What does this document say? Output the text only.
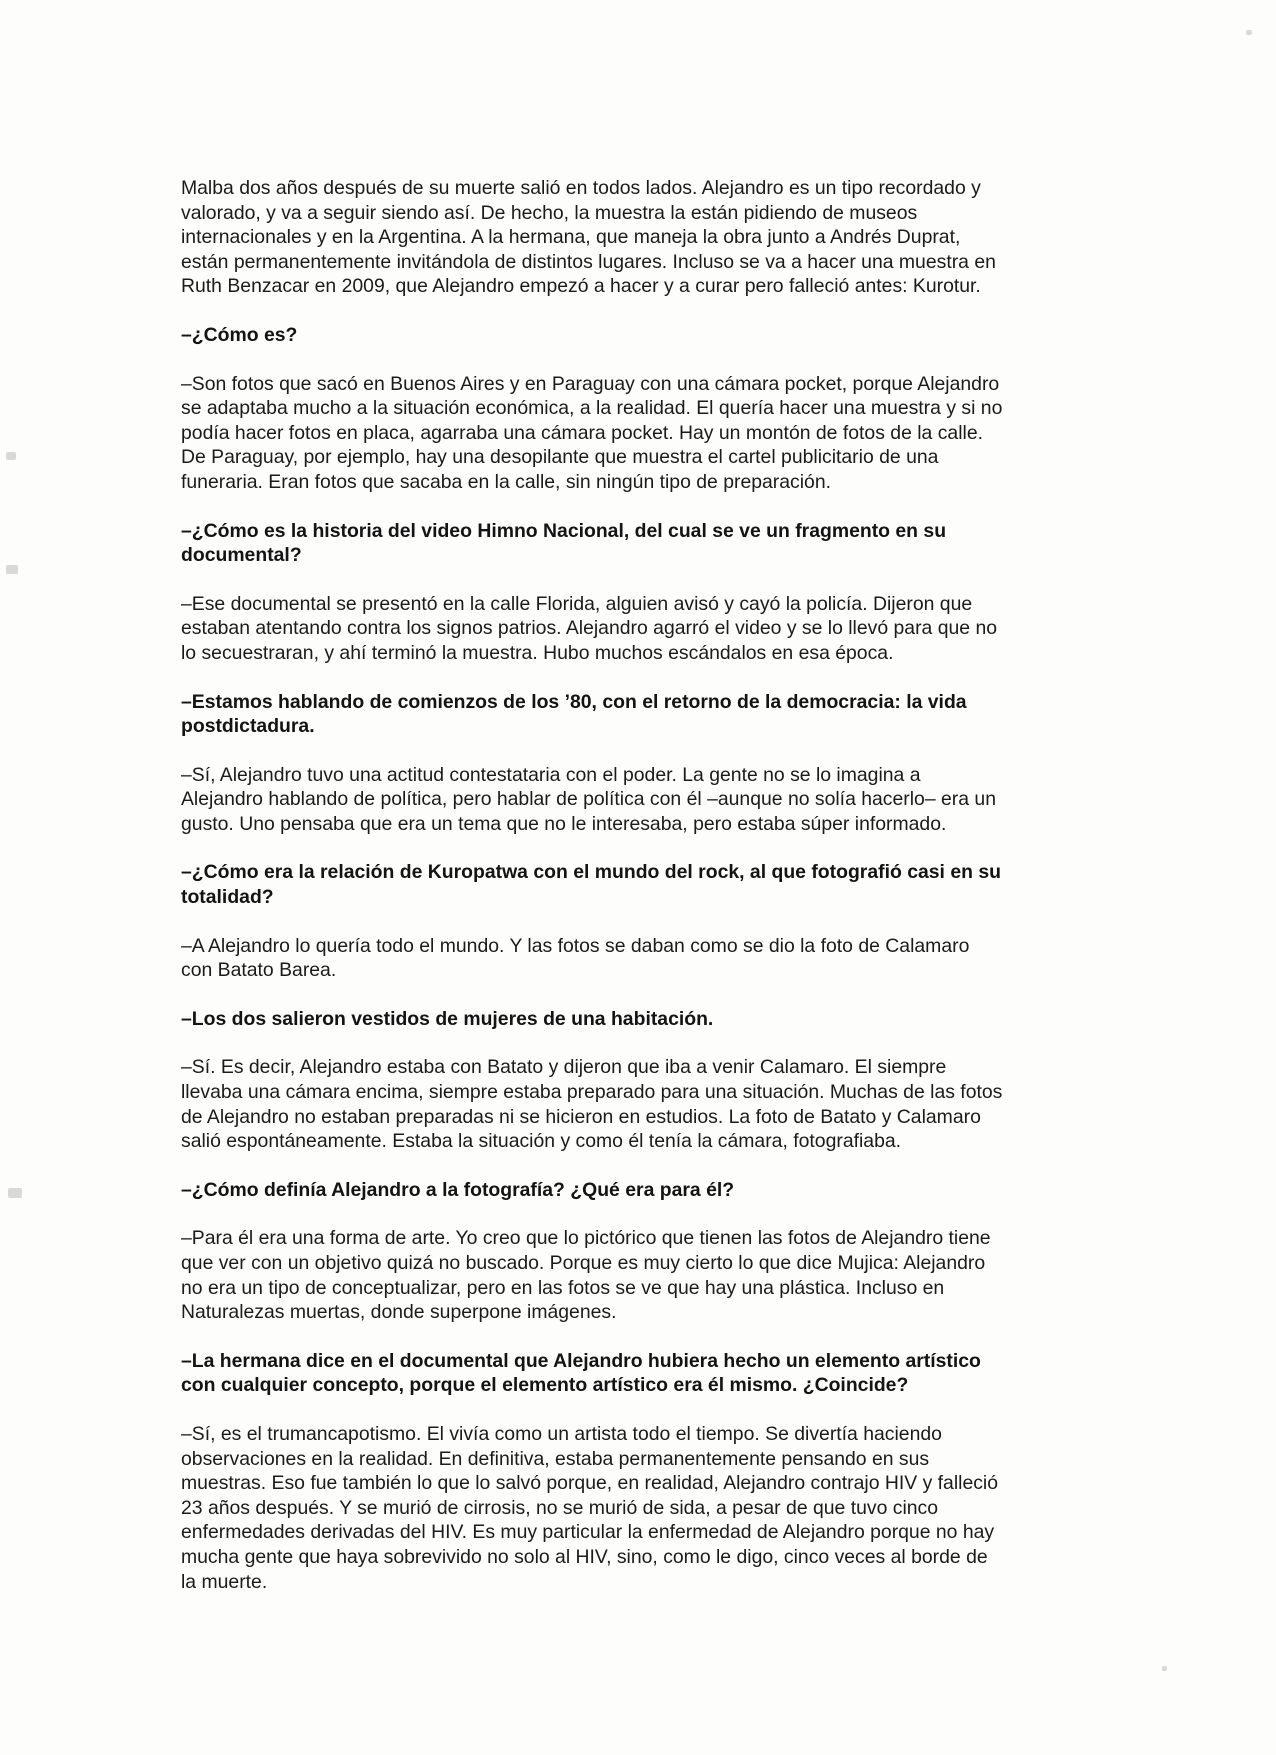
Malba dos años después de su muerte salió en todos lados. Alejandro es un tipo recordado y
valorado, y va a seguir siendo así. De hecho, la muestra la están pidiendo de museos
internacionales y en la Argentina. A la hermana, que maneja la obra junto a Andrés Duprat,
están permanentemente invitándola de distintos lugares. Incluso se va a hacer una muestra en
Ruth Benzacar en 2009, que Alejandro empezó a hacer y a curar pero falleció antes: Kurotur.

–¿Cómo es?

–Son fotos que sacó en Buenos Aires y en Paraguay con una cámara pocket, porque Alejandro
se adaptaba mucho a la situación económica, a la realidad. El quería hacer una muestra y si no
podía hacer fotos en placa, agarraba una cámara pocket. Hay un montón de fotos de la calle.
De Paraguay, por ejemplo, hay una desopilante que muestra el cartel publicitario de una
funeraria. Eran fotos que sacaba en la calle, sin ningún tipo de preparación.

–¿Cómo es la historia del video Himno Nacional, del cual se ve un fragmento en su
documental?

–Ese documental se presentó en la calle Florida, alguien avisó y cayó la policía. Dijeron que
estaban atentando contra los signos patrios. Alejandro agarró el video y se lo llevó para que no
lo secuestraran, y ahí terminó la muestra. Hubo muchos escándalos en esa época.

–Estamos hablando de comienzos de los ’80, con el retorno de la democracia: la vida
postdictadura.

–Sí, Alejandro tuvo una actitud contestataria con el poder. La gente no se lo imagina a
Alejandro hablando de política, pero hablar de política con él –aunque no solía hacerlo– era un
gusto. Uno pensaba que era un tema que no le interesaba, pero estaba súper informado.

–¿Cómo era la relación de Kuropatwa con el mundo del rock, al que fotografió casi en su
totalidad?

–A Alejandro lo quería todo el mundo. Y las fotos se daban como se dio la foto de Calamaro
con Batato Barea.

–Los dos salieron vestidos de mujeres de una habitación.

–Sí. Es decir, Alejandro estaba con Batato y dijeron que iba a venir Calamaro. El siempre
llevaba una cámara encima, siempre estaba preparado para una situación. Muchas de las fotos
de Alejandro no estaban preparadas ni se hicieron en estudios. La foto de Batato y Calamaro
salió espontáneamente. Estaba la situación y como él tenía la cámara, fotografiaba.

–¿Cómo definía Alejandro a la fotografía? ¿Qué era para él?

–Para él era una forma de arte. Yo creo que lo pictórico que tienen las fotos de Alejandro tiene
que ver con un objetivo quizá no buscado. Porque es muy cierto lo que dice Mujica: Alejandro
no era un tipo de conceptualizar, pero en las fotos se ve que hay una plástica. Incluso en
Naturalezas muertas, donde superpone imágenes.

–La hermana dice en el documental que Alejandro hubiera hecho un elemento artístico
con cualquier concepto, porque el elemento artístico era él mismo. ¿Coincide?

–Sí, es el trumancapotismo. El vivía como un artista todo el tiempo. Se divertía haciendo
observaciones en la realidad. En definitiva, estaba permanentemente pensando en sus
muestras. Eso fue también lo que lo salvó porque, en realidad, Alejandro contrajo HIV y falleció
23 años después. Y se murió de cirrosis, no se murió de sida, a pesar de que tuvo cinco
enfermedades derivadas del HIV. Es muy particular la enfermedad de Alejandro porque no hay
mucha gente que haya sobrevivido no solo al HIV, sino, como le digo, cinco veces al borde de
la muerte.
